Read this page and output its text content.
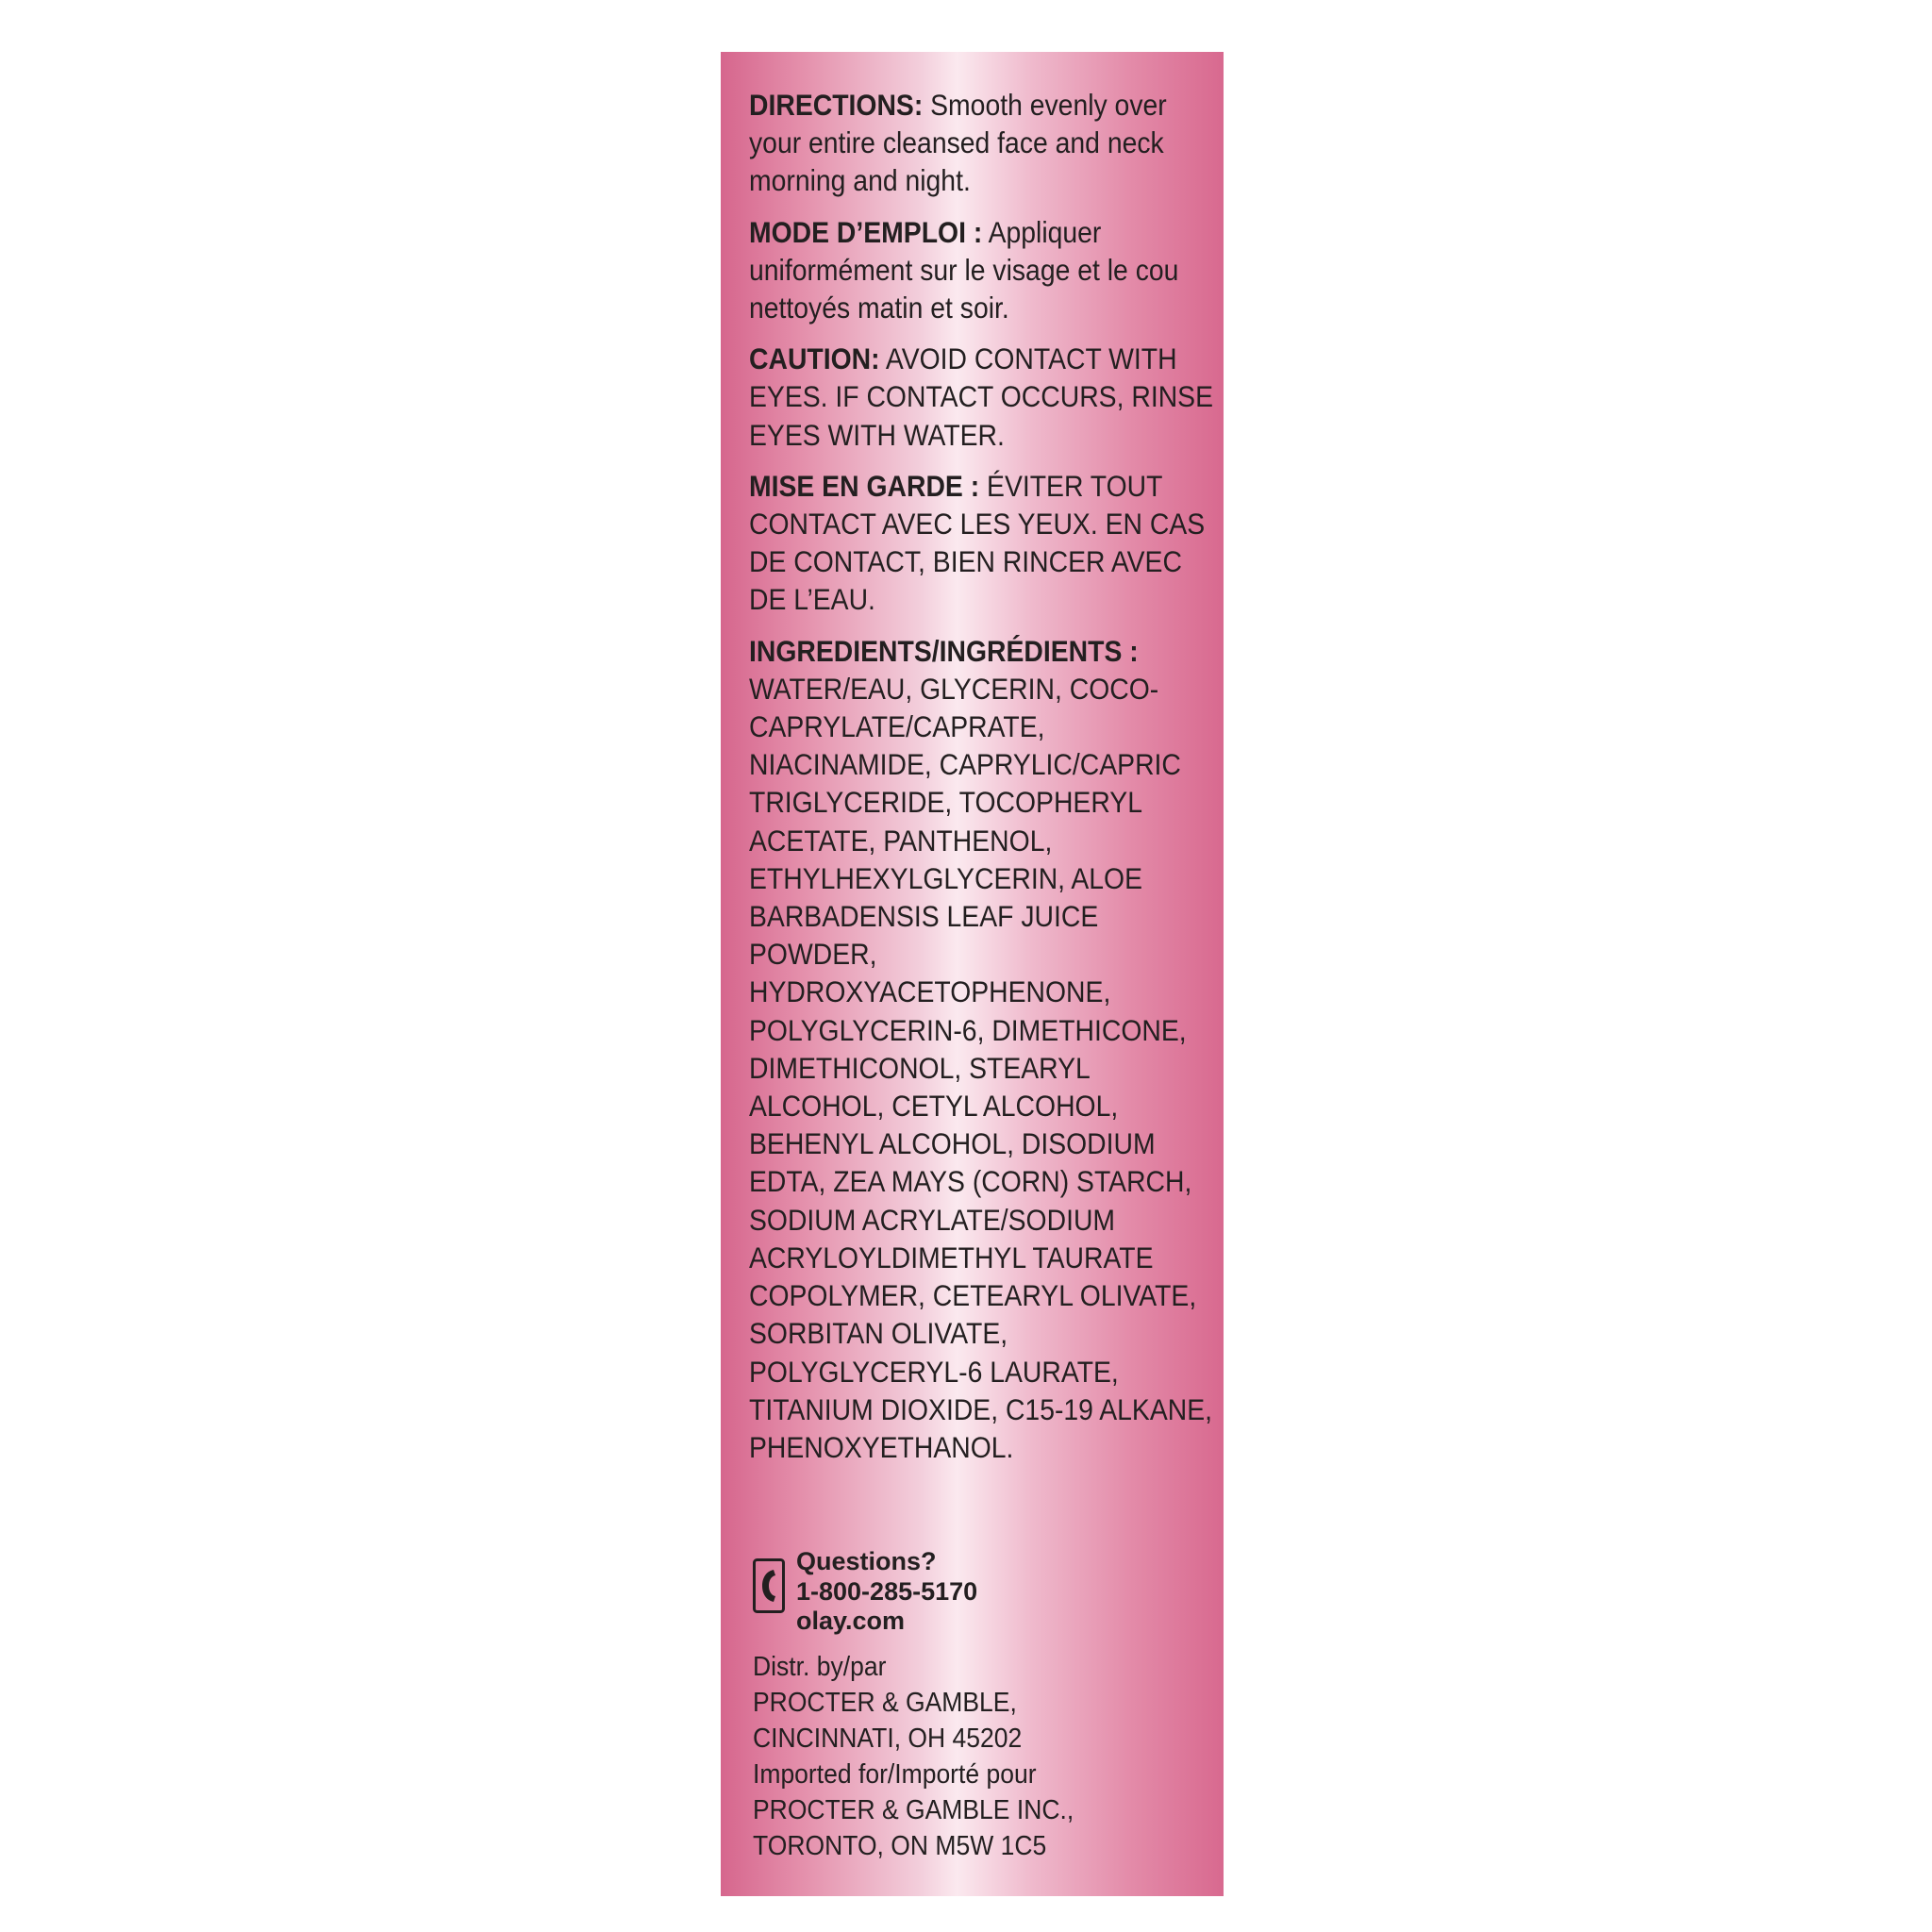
DIRECTIONS: Smooth evenly over your entire cleansed face and neck morning and night.

MODE D’EMPLOI : Appliquer uniformément sur le visage et le cou nettoyés matin et soir.

CAUTION: AVOID CONTACT WITH EYES. IF CONTACT OCCURS, RINSE EYES WITH WATER.

MISE EN GARDE : ÉVITER TOUT CONTACT AVEC LES YEUX. EN CAS DE CONTACT, BIEN RINCER AVEC DE L’EAU.

INGREDIENTS/INGRÉDIENTS :
WATER/EAU, GLYCERIN, COCO-CAPRYLATE/CAPRATE, NIACINAMIDE, CAPRYLIC/CAPRIC TRIGLYCERIDE, TOCOPHERYL ACETATE, PANTHENOL, ETHYLHEXYLGLYCERIN, ALOE BARBADENSIS LEAF JUICE POWDER, HYDROXYACETOPHENONE, POLYGLYCERIN-6, DIMETHICONE, DIMETHICONOL, STEARYL ALCOHOL, CETYL ALCOHOL, BEHENYL ALCOHOL, DISODIUM EDTA, ZEA MAYS (CORN) STARCH, SODIUM ACRYLATE/SODIUM ACRYLOYLDIMETHYL TAURATE COPOLYMER, CETEARYL OLIVATE, SORBITAN OLIVATE, POLYGLYCERYL-6 LAURATE, TITANIUM DIOXIDE, C15-19 ALKANE, PHENOXYETHANOL.

Questions?
1-800-285-5170
olay.com
Distr. by/par
PROCTER & GAMBLE,
CINCINNATI, OH 45202
Imported for/Importé pour
PROCTER & GAMBLE INC.,
TORONTO, ON M5W 1C5
